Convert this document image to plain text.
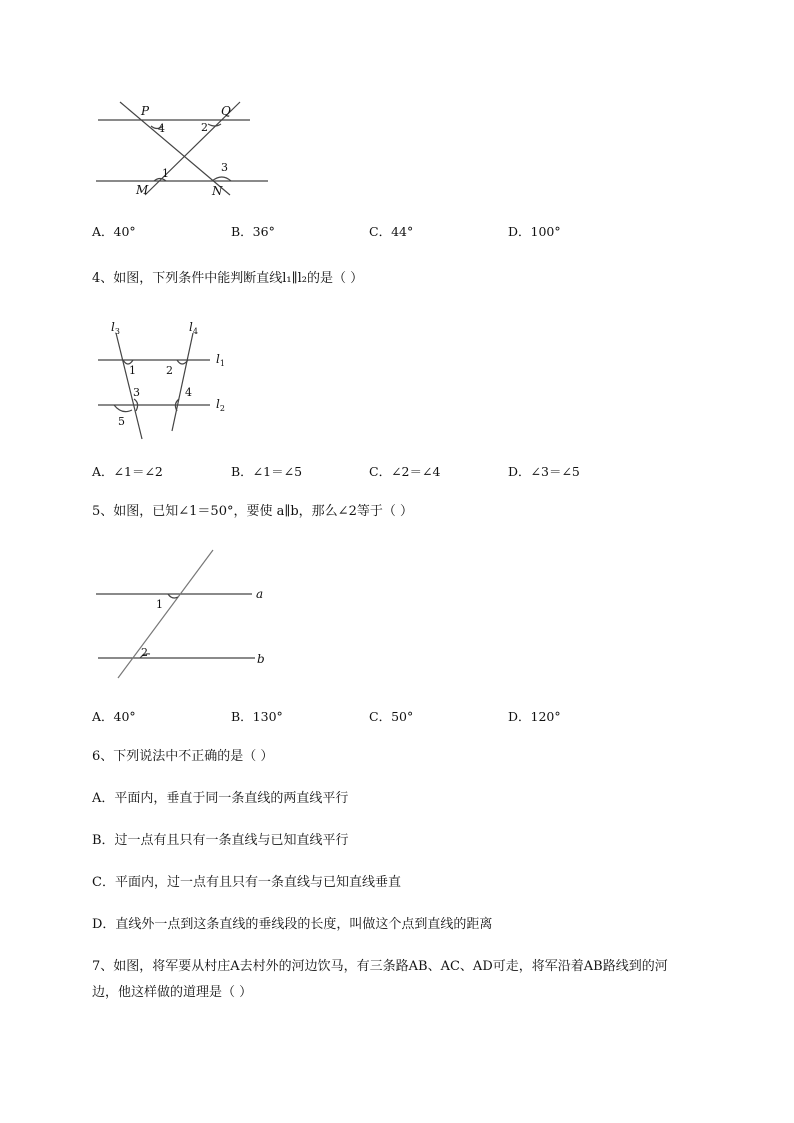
P	Q
M	N
4	2
1	3
A．40°	B．36°	C．44°	D．100°
4、如图，下列条件中能判断直线l₁∥l₂的是（ ）
$l_3$	$l_4$
$l_1$
$l_2$
1	2
3	4
5
A．∠1＝∠2	B．∠1＝∠5	C．∠2＝∠4	D．∠3＝∠5
5、如图，已知∠1＝50°，要使 a∥b，那么∠2等于（ ）
a
b
1
2
A．40°	B．130°	C．50°	D．120°
6、下列说法中不正确的是（ ）
A．平面内，垂直于同一条直线的两直线平行
B．过一点有且只有一条直线与已知直线平行
C．平面内，过一点有且只有一条直线与已知直线垂直
D．直线外一点到这条直线的垂线段的长度，叫做这个点到直线的距离
7、如图，将军要从村庄A去村外的河边饮马，有三条路AB、AC、AD可走，将军沿着AB路线到的河
边，他这样做的道理是（ ）
